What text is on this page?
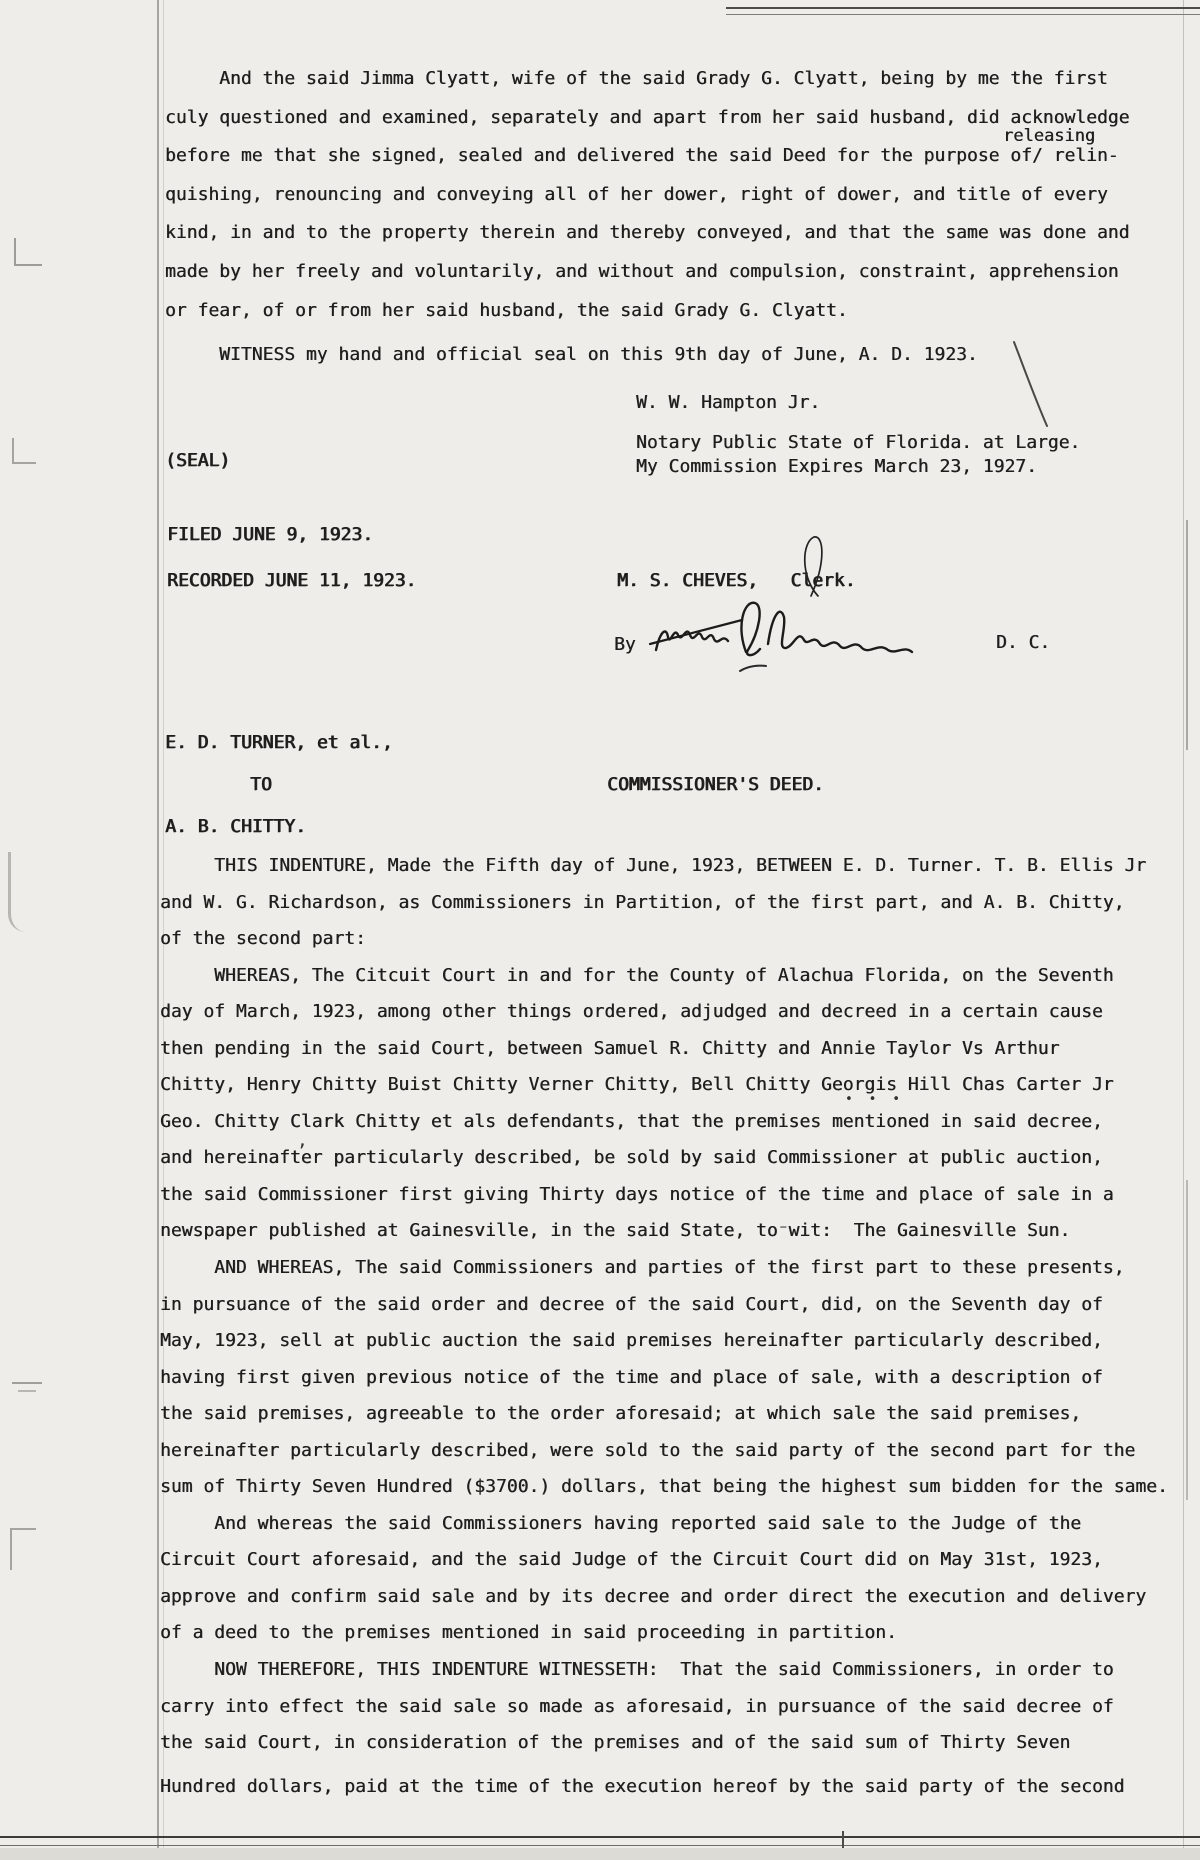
And the said Jimma Clyatt, wife of the said Grady G. Clyatt, being by me the first
culy questioned and examined, separately and apart from her said husband, did acknowledge
before me that she signed, sealed and delivered the said Deed for the purpose of/ relin-
quishing, renouncing and conveying all of her dower, right of dower, and title of every
kind, in and to the property therein and thereby conveyed, and that the same was done and
made by her freely and voluntarily, and without and compulsion, constraint, apprehension
or fear, of or from her said husband, the said Grady G. Clyatt.
releasing
WITNESS my hand and official seal on this 9th day of June, A. D. 1923.
W. W. Hampton Jr.
Notary Public State of Florida. at Large.
My Commission Expires March 23, 1927.
(SEAL)
FILED JUNE 9, 1923.
RECORDED JUNE 11, 1923.	M. S. CHEVES,   Clerk.
By	D. C.
E. D. TURNER, et al.,
TO	COMMISSIONER'S DEED.
A. B. CHITTY.
THIS INDENTURE, Made the Fifth day of June, 1923, BETWEEN E. D. Turner. T. B. Ellis Jr
and W. G. Richardson, as Commissioners in Partition, of the first part, and A. B. Chitty,
of the second part:
WHEREAS, The Citcuit Court in and for the County of Alachua Florida, on the Seventh
day of March, 1923, among other things ordered, adjudged and decreed in a certain cause
then pending in the said Court, between Samuel R. Chitty and Annie Taylor Vs Arthur
Chitty, Henry Chitty Buist Chitty Verner Chitty, Bell Chitty Georgis Hill Chas Carter Jr
Geo. Chitty Clark Chitty et als defendants, that the premises mentioned in said decree,
and hereinafter particularly described, be sold by said Commissioner at public auction,
the said Commissioner first giving Thirty days notice of the time and place of sale in a
newspaper published at Gainesville, in the said State, to⁻wit:  The Gainesville Sun.
AND WHEREAS, The said Commissioners and parties of the first part to these presents,
in pursuance of the said order and decree of the said Court, did, on the Seventh day of
May, 1923, sell at public auction the said premises hereinafter particularly described,
having first given previous notice of the time and place of sale, with a description of
the said premises, agreeable to the order aforesaid; at which sale the said premises,
hereinafter particularly described, were sold to the said party of the second part for the
sum of Thirty Seven Hundred ($3700.) dollars, that being the highest sum bidden for the same.
And whereas the said Commissioners having reported said sale to the Judge of the
Circuit Court aforesaid, and the said Judge of the Circuit Court did on May 31st, 1923,
approve and confirm said sale and by its decree and order direct the execution and delivery
of a deed to the premises mentioned in said proceeding in partition.
NOW THEREFORE, THIS INDENTURE WITNESSETH:  That the said Commissioners, in order to
carry into effect the said sale so made as aforesaid, in pursuance of the said decree of
the said Court, in consideration of the premises and of the said sum of Thirty Seven
Hundred dollars, paid at the time of the execution hereof by the said party of the second
• • •
,
